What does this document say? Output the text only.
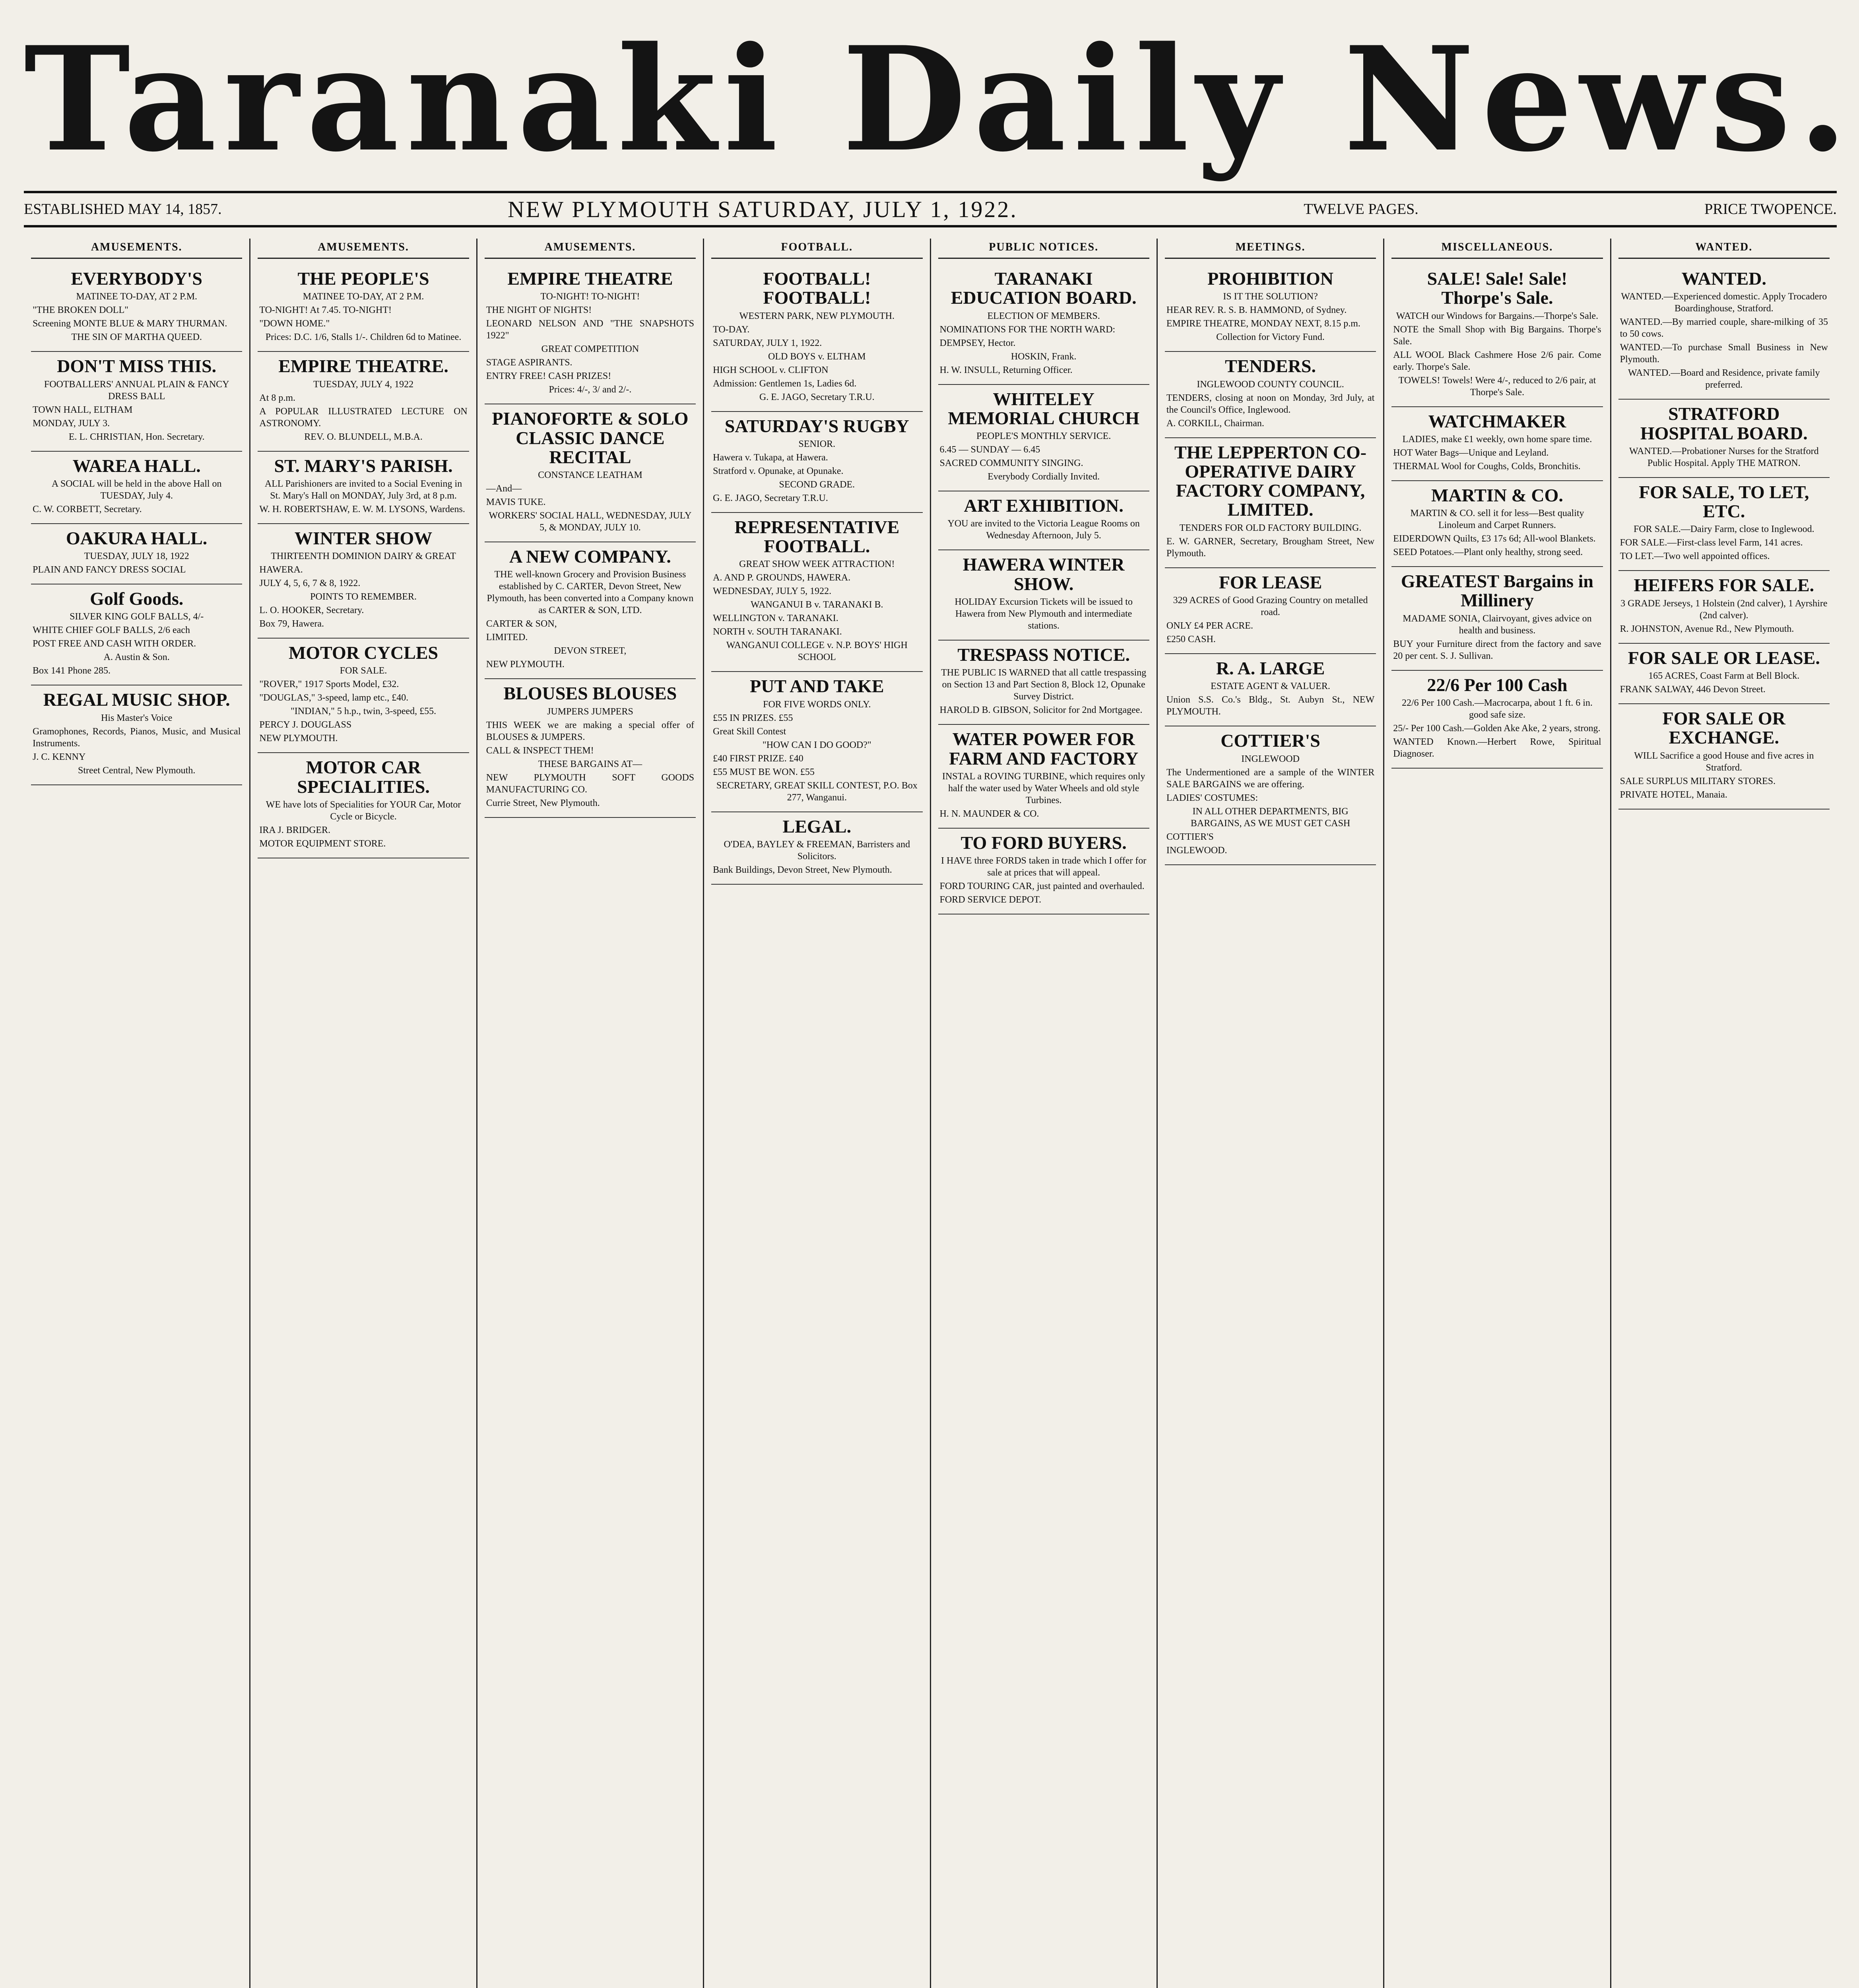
Taranaki Daily News.
ESTABLISHED MAY 14, 1857.	NEW PLYMOUTH SATURDAY, JULY 1, 1922.	TWELVE PAGES.	PRICE TWOPENCE.
AMUSEMENTS.
EVERYBODY'S

MATINEE TO-DAY, AT 2 P.M.

"THE BROKEN DOLL"

Screening MONTE BLUE & MARY THURMAN.

THE SIN OF MARTHA QUEED.

DON'T MISS THIS.

FOOTBALLERS' ANNUAL PLAIN & FANCY DRESS BALL

TOWN HALL, ELTHAM

MONDAY, JULY 3.

E. L. CHRISTIAN, Hon. Secretary.

WAREA HALL.

A SOCIAL will be held in the above Hall on TUESDAY, July 4.

C. W. CORBETT, Secretary.

OAKURA HALL.

TUESDAY, JULY 18, 1922

PLAIN AND FANCY DRESS SOCIAL

Golf Goods.

SILVER KING GOLF BALLS, 4/-

WHITE CHIEF GOLF BALLS, 2/6 each

POST FREE AND CASH WITH ORDER.

A. Austin & Son.

Box 141 Phone 285.

REGAL MUSIC SHOP.

His Master's Voice

Gramophones, Records, Pianos, Music, and Musical Instruments.

J. C. KENNY

Street Central, New Plymouth.

AMUSEMENTS.
THE PEOPLE'S

MATINEE TO-DAY, AT 2 P.M.

TO-NIGHT! At 7.45. TO-NIGHT!

"DOWN HOME."

Prices: D.C. 1/6, Stalls 1/-. Children 6d to Matinee.

EMPIRE THEATRE.

TUESDAY, JULY 4, 1922

At 8 p.m.

A POPULAR ILLUSTRATED LECTURE ON ASTRONOMY.

REV. O. BLUNDELL, M.B.A.

ST. MARY'S PARISH.

ALL Parishioners are invited to a Social Evening in St. Mary's Hall on MONDAY, July 3rd, at 8 p.m.

W. H. ROBERTSHAW, E. W. M. LYSONS, Wardens.

WINTER SHOW

THIRTEENTH DOMINION DAIRY & GREAT

HAWERA.

JULY 4, 5, 6, 7 & 8, 1922.

POINTS TO REMEMBER.

L. O. HOOKER, Secretary.

Box 79, Hawera.

MOTOR CYCLES

FOR SALE.

"ROVER," 1917 Sports Model, £32.

"DOUGLAS," 3-speed, lamp etc., £40.

"INDIAN," 5 h.p., twin, 3-speed, £55.

PERCY J. DOUGLASS

NEW PLYMOUTH.

MOTOR CAR SPECIALITIES.

WE have lots of Specialities for YOUR Car, Motor Cycle or Bicycle.

IRA J. BRIDGER.

MOTOR EQUIPMENT STORE.

AMUSEMENTS.
EMPIRE THEATRE

TO-NIGHT! TO-NIGHT!

THE NIGHT OF NIGHTS!

LEONARD NELSON AND "THE SNAPSHOTS 1922"

GREAT COMPETITION

STAGE ASPIRANTS.

ENTRY FREE! CASH PRIZES!

Prices: 4/-, 3/ and 2/-.

PIANOFORTE & SOLO CLASSIC DANCE RECITAL

CONSTANCE LEATHAM

—And—

MAVIS TUKE.

WORKERS' SOCIAL HALL, WEDNESDAY, JULY 5, & MONDAY, JULY 10.

A NEW COMPANY.

THE well-known Grocery and Provision Business established by C. CARTER, Devon Street, New Plymouth, has been converted into a Company known as CARTER & SON, LTD.

CARTER & SON,

LIMITED.

DEVON STREET,

NEW PLYMOUTH.

BLOUSES BLOUSES

JUMPERS JUMPERS

THIS WEEK we are making a special offer of BLOUSES & JUMPERS.

CALL & INSPECT THEM!

THESE BARGAINS AT—

NEW PLYMOUTH SOFT GOODS MANUFACTURING CO.

Currie Street, New Plymouth.

FOOTBALL.
FOOTBALL! FOOTBALL!

WESTERN PARK, NEW PLYMOUTH.

TO-DAY.

SATURDAY, JULY 1, 1922.

OLD BOYS v. ELTHAM

HIGH SCHOOL v. CLIFTON

Admission: Gentlemen 1s, Ladies 6d.

G. E. JAGO, Secretary T.R.U.

SATURDAY'S RUGBY

SENIOR.

Hawera v. Tukapa, at Hawera.

Stratford v. Opunake, at Opunake.

SECOND GRADE.

G. E. JAGO, Secretary T.R.U.

REPRESENTATIVE FOOTBALL.

GREAT SHOW WEEK ATTRACTION!

A. AND P. GROUNDS, HAWERA.

WEDNESDAY, JULY 5, 1922.

WANGANUI B v. TARANAKI B.

WELLINGTON v. TARANAKI.

NORTH v. SOUTH TARANAKI.

WANGANUI COLLEGE v. N.P. BOYS' HIGH SCHOOL

PUT AND TAKE

FOR FIVE WORDS ONLY.

£55 IN PRIZES. £55

Great Skill Contest

"HOW CAN I DO GOOD?"

£40 FIRST PRIZE. £40

£55 MUST BE WON. £55

SECRETARY, GREAT SKILL CONTEST, P.O. Box 277, Wanganui.

LEGAL.

O'DEA, BAYLEY & FREEMAN, Barristers and Solicitors.

Bank Buildings, Devon Street, New Plymouth.

PUBLIC NOTICES.
TARANAKI EDUCATION BOARD.

ELECTION OF MEMBERS.

NOMINATIONS FOR THE NORTH WARD:

DEMPSEY, Hector.

HOSKIN, Frank.

H. W. INSULL, Returning Officer.

WHITELEY MEMORIAL CHURCH

PEOPLE'S MONTHLY SERVICE.

6.45 — SUNDAY — 6.45

SACRED COMMUNITY SINGING.

Everybody Cordially Invited.

ART EXHIBITION.

YOU are invited to the Victoria League Rooms on Wednesday Afternoon, July 5.

HAWERA WINTER SHOW.

HOLIDAY Excursion Tickets will be issued to Hawera from New Plymouth and intermediate stations.

TRESPASS NOTICE.

THE PUBLIC IS WARNED that all cattle trespassing on Section 13 and Part Section 8, Block 12, Opunake Survey District.

HAROLD B. GIBSON, Solicitor for 2nd Mortgagee.

WATER POWER FOR FARM AND FACTORY

INSTAL a ROVING TURBINE, which requires only half the water used by Water Wheels and old style Turbines.

H. N. MAUNDER & CO.

TO FORD BUYERS.

I HAVE three FORDS taken in trade which I offer for sale at prices that will appeal.

FORD TOURING CAR, just painted and overhauled.

FORD SERVICE DEPOT.

MEETINGS.
PROHIBITION

IS IT THE SOLUTION?

HEAR REV. R. S. B. HAMMOND, of Sydney.

EMPIRE THEATRE, MONDAY NEXT, 8.15 p.m.

Collection for Victory Fund.

TENDERS.

INGLEWOOD COUNTY COUNCIL.

TENDERS, closing at noon on Monday, 3rd July, at the Council's Office, Inglewood.

A. CORKILL, Chairman.

THE LEPPERTON CO-OPERATIVE DAIRY FACTORY COMPANY, LIMITED.

TENDERS FOR OLD FACTORY BUILDING.

E. W. GARNER, Secretary, Brougham Street, New Plymouth.

FOR LEASE

329 ACRES of Good Grazing Country on metalled road.

ONLY £4 PER ACRE.

£250 CASH.

R. A. LARGE

ESTATE AGENT & VALUER.

Union S.S. Co.'s Bldg., St. Aubyn St., NEW PLYMOUTH.

COTTIER'S

INGLEWOOD

The Undermentioned are a sample of the WINTER SALE BARGAINS we are offering.

LADIES' COSTUMES:

IN ALL OTHER DEPARTMENTS, BIG BARGAINS, AS WE MUST GET CASH

COTTIER'S

INGLEWOOD.

MISCELLANEOUS.
SALE! Sale! Sale! Thorpe's Sale.

WATCH our Windows for Bargains.—Thorpe's Sale.

NOTE the Small Shop with Big Bargains. Thorpe's Sale.

ALL WOOL Black Cashmere Hose 2/6 pair. Come early. Thorpe's Sale.

TOWELS! Towels! Were 4/-, reduced to 2/6 pair, at Thorpe's Sale.

WATCHMAKER

LADIES, make £1 weekly, own home spare time.

HOT Water Bags—Unique and Leyland.

THERMAL Wool for Coughs, Colds, Bronchitis.

MARTIN & CO.

MARTIN & CO. sell it for less—Best quality Linoleum and Carpet Runners.

EIDERDOWN Quilts, £3 17s 6d; All-wool Blankets.

SEED Potatoes.—Plant only healthy, strong seed.

GREATEST Bargains in Millinery

MADAME SONIA, Clairvoyant, gives advice on health and business.

BUY your Furniture direct from the factory and save 20 per cent. S. J. Sullivan.

22/6 Per 100 Cash

22/6 Per 100 Cash.—Macrocarpa, about 1 ft. 6 in. good safe size.

25/- Per 100 Cash.—Golden Ake Ake, 2 years, strong.

WANTED Known.—Herbert Rowe, Spiritual Diagnoser.

WANTED.
WANTED.

WANTED.—Experienced domestic. Apply Trocadero Boardinghouse, Stratford.

WANTED.—By married couple, share-milking of 35 to 50 cows.

WANTED.—To purchase Small Business in New Plymouth.

WANTED.—Board and Residence, private family preferred.

STRATFORD HOSPITAL BOARD.

WANTED.—Probationer Nurses for the Stratford Public Hospital. Apply THE MATRON.

FOR SALE, TO LET, ETC.

FOR SALE.—Dairy Farm, close to Inglewood.

FOR SALE.—First-class level Farm, 141 acres.

TO LET.—Two well appointed offices.

HEIFERS FOR SALE.

3 GRADE Jerseys, 1 Holstein (2nd calver), 1 Ayrshire (2nd calver).

R. JOHNSTON, Avenue Rd., New Plymouth.

FOR SALE OR LEASE.

165 ACRES, Coast Farm at Bell Block.

FRANK SALWAY, 446 Devon Street.

FOR SALE OR EXCHANGE.

WILL Sacrifice a good House and five acres in Stratford.

SALE SURPLUS MILITARY STORES.

PRIVATE HOTEL, Manaia.
